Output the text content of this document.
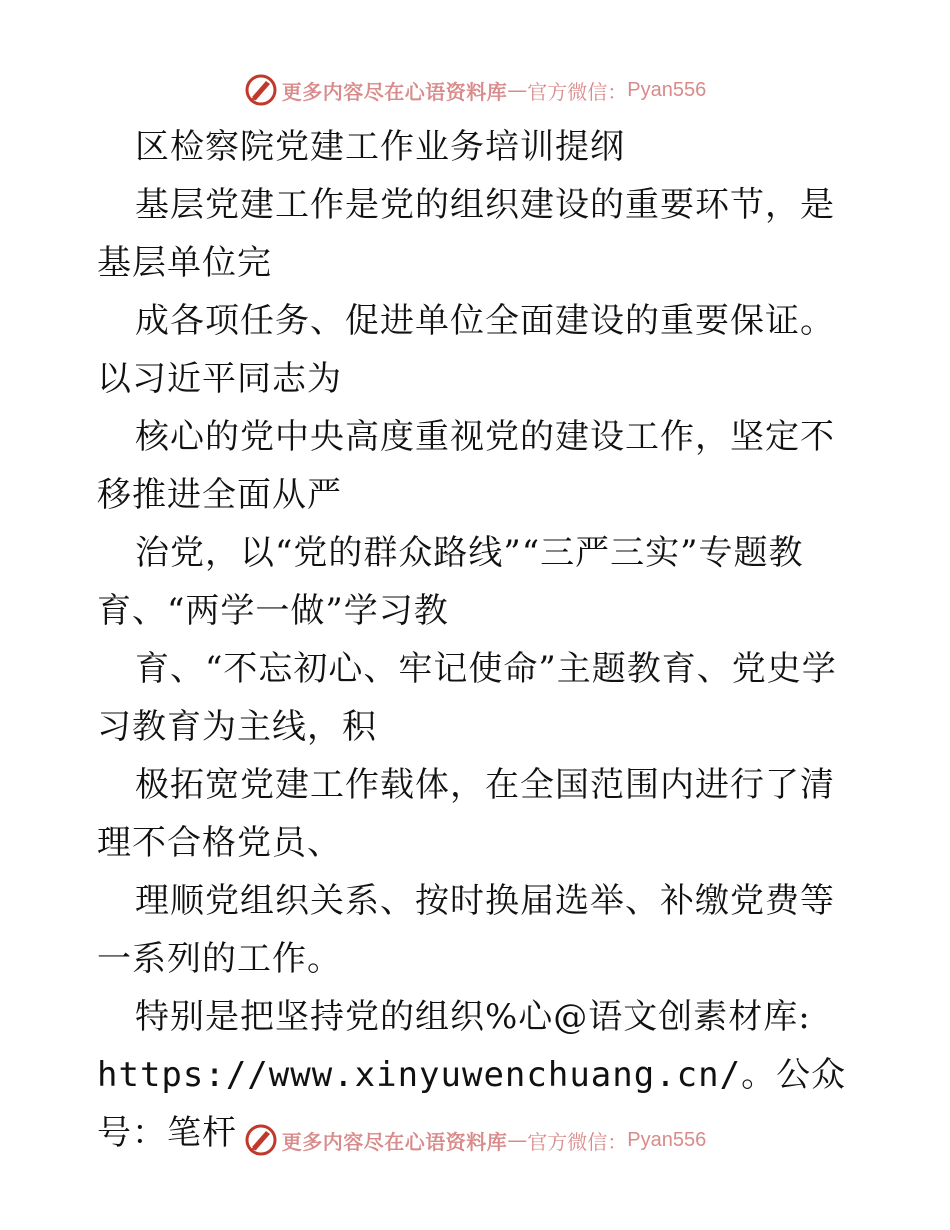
更多内容尽在心语资料库 — 官方微信 ： Pyan556

区检察院党建工作业务培训提纲

基层党建工作是党的组织建设的重要环节，是基层单位完

成各项任务、促进单位全面建设的重要保证。以习近平同志为

核心的党中央高度重视党的建设工作，坚定不移推进全面从严

治党，以“党的群众路线”“三严三实”专题教育、“两学一做”学习教

育、“不忘初心、牢记使命”主题教育、党史学习教育为主线，积

极拓宽党建工作载体，在全国范围内进行了清理不合格党员、

理顺党组织关系、按时换届选举、补缴党费等一系列的工作。

特别是把坚持党的组织%心@语文创素材库:

https://www.xinyuwenchuang.cn/。公众号：笔杆	更多内容尽在心语资料库 — 官方微信 ： Pyan556
